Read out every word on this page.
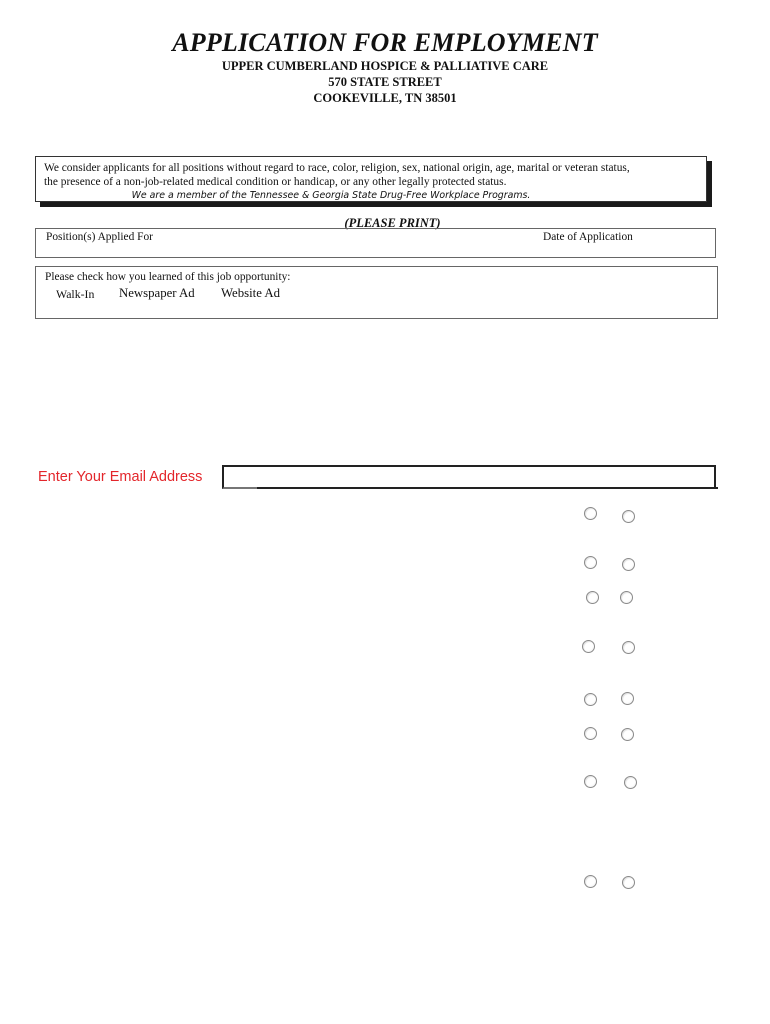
APPLICATION FOR EMPLOYMENT
UPPER CUMBERLAND HOSPICE & PALLIATIVE CARE
570 STATE STREET
COOKEVILLE, TN 38501
We consider applicants for all positions without regard to race, color, religion, sex, national origin, age, marital or veteran status,
the presence of a non-job-related medical condition or handicap, or any other legally protected status.
We are a member of the Tennessee & Georgia State Drug-Free Workplace Programs.
(PLEASE PRINT)
Position(s) Applied For	Date of Application
Please check how you learned of this job opportunity:
Walk-In Newspaper Ad Website Ad
Enter Your Email Address
